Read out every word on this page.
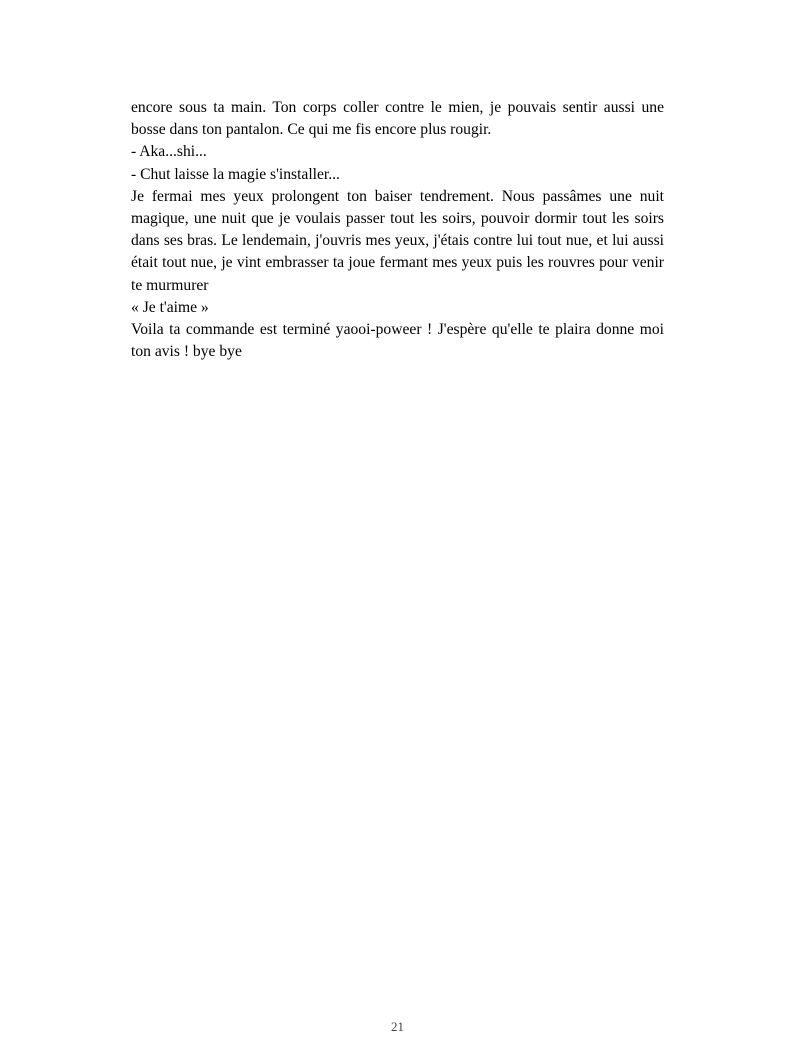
encore sous ta main. Ton corps coller contre le mien, je pouvais sentir aussi une bosse dans ton pantalon. Ce qui me fis encore plus rougir.

- Aka...shi...

- Chut laisse la magie s'installer...

Je fermai mes yeux prolongent ton baiser tendrement. Nous passâmes une nuit magique, une nuit que je voulais passer tout les soirs, pouvoir dormir tout les soirs dans ses bras. Le lendemain, j'ouvris mes yeux, j'étais contre lui tout nue, et lui aussi était tout nue, je vint embrasser ta joue fermant mes yeux puis les rouvres pour venir te murmurer

« Je t'aime »

Voila ta commande est terminé yaooi-poweer ! J'espère qu'elle te plaira donne moi ton avis ! bye bye

21
